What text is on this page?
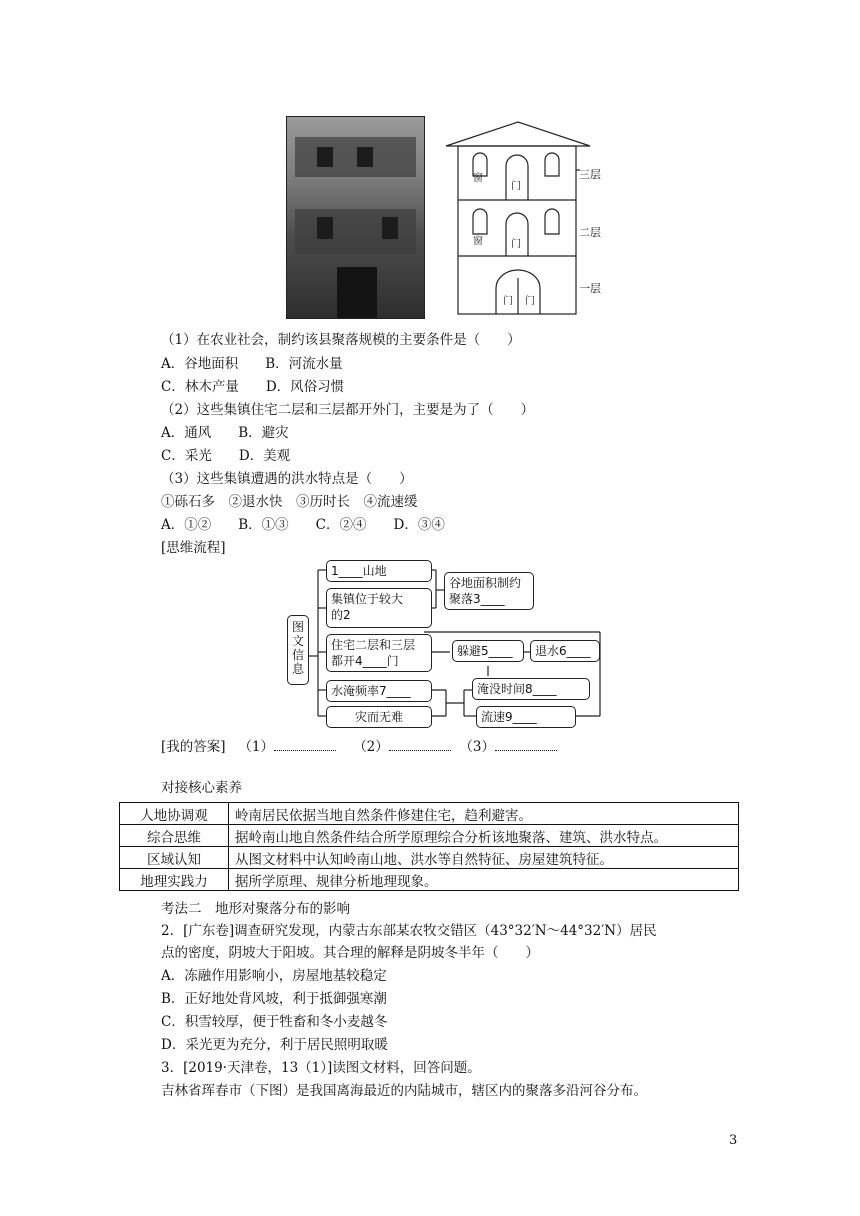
窗
门
窗	门
门 门
三层
二层
一层
（1）在农业社会，制约该县聚落规模的主要条件是（　　）
A．谷地面积　　B．河流水量
C．林木产量　　D．风俗习惯
（2）这些集镇住宅二层和三层都开外门，主要是为了（　　）
A．通风　　B．避灾
C．采光　　D．美观
（3）这些集镇遭遇的洪水特点是（　　）
①砾石多　②退水快　③历时长　④流速缓
A．①②　　B．①③　　C．②④　　D．③④
[思维流程]
图文信息
1____山地
集镇位于较大
的2
谷地面积制约
聚落3____
住宅二层和三层
都开4____门
躲避5____	退水6____
水淹频率7____	淹没时间8____
灾而无难	流速9____
[我的答案] （1）	（2）	（3）
对接核心素养
人地协调观	岭南居民依据当地自然条件修建住宅，趋利避害。
综合思维	据岭南山地自然条件结合所学原理综合分析该地聚落、建筑、洪水特点。
区域认知	从图文材料中认知岭南山地、洪水等自然特征、房屋建筑特征。
地理实践力	据所学原理、规律分析地理现象。
考法二　地形对聚落分布的影响
2．[广东卷]调查研究发现，内蒙古东部某农牧交错区（43°32′N～44°32′N）居民
点的密度，阴坡大于阳坡。其合理的解释是阴坡冬半年（　　）
A．冻融作用影响小，房屋地基较稳定
B．正好地处背风坡，利于抵御强寒潮
C．积雪较厚，便于牲畜和冬小麦越冬
D．采光更为充分，利于居民照明取暖
3．[2019·天津卷，13（1）]读图文材料，回答问题。
吉林省珲春市（下图）是我国离海最近的内陆城市，辖区内的聚落多沿河谷分布。
3
